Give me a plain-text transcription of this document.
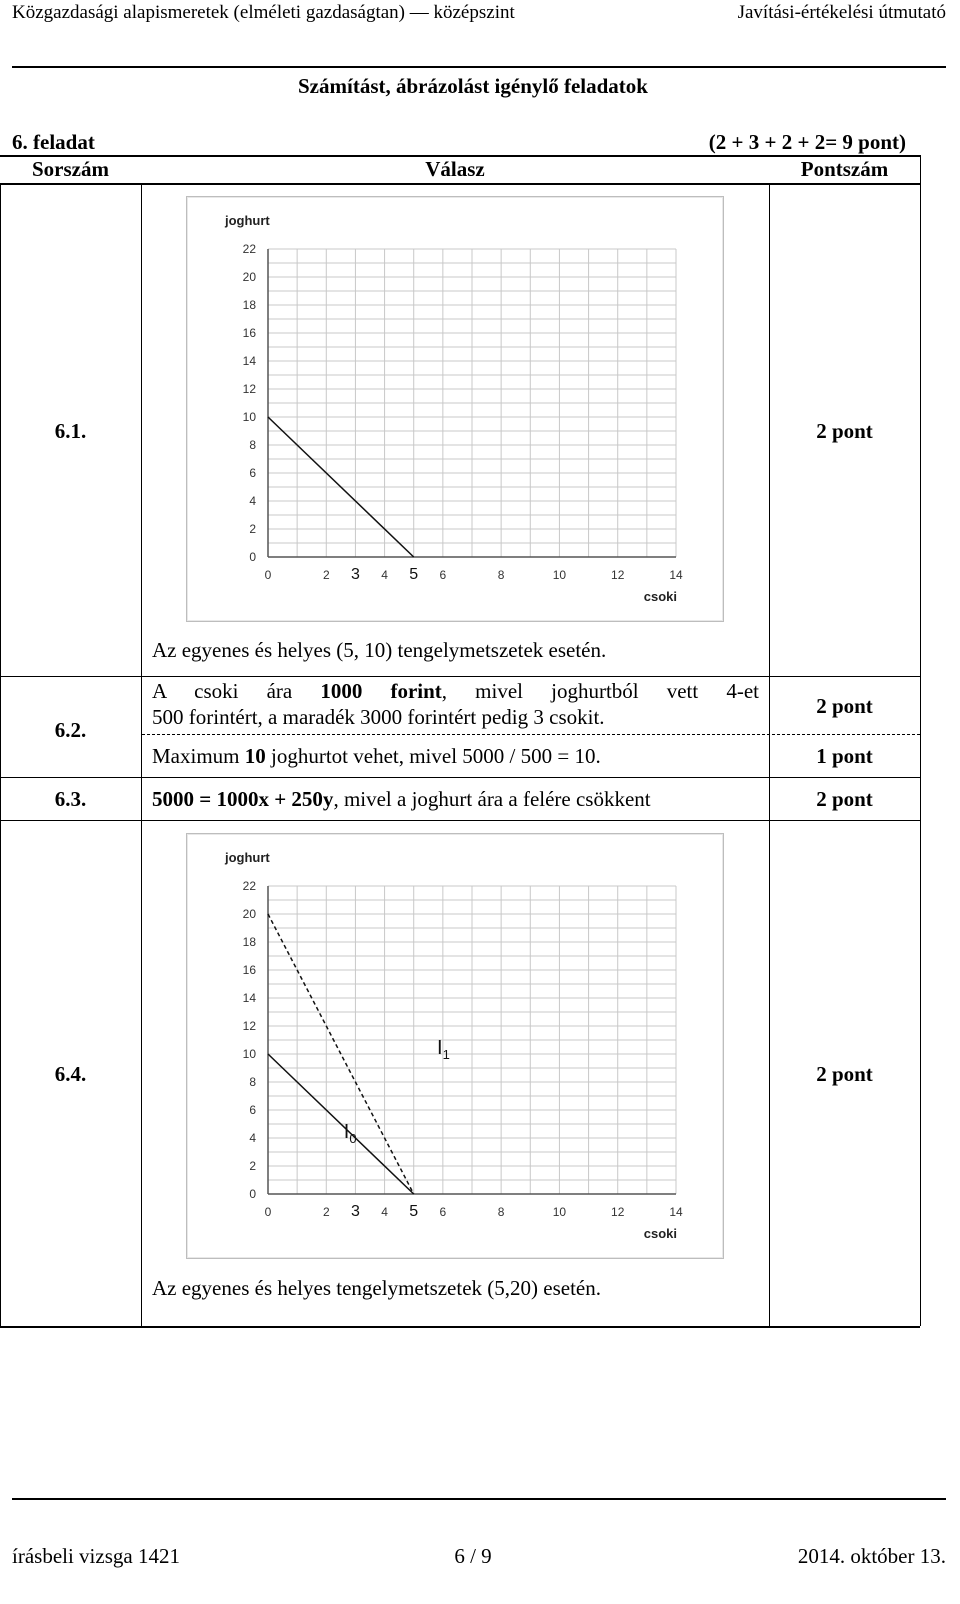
Közgazdasági alapismeretek (elméleti gazdaságtan) — középszint	Javítási-értékelési útmutató
Számítást, ábrázolást igénylő feladatok
6. feladat	(2 + 3 + 2 + 2= 9 pont)
Sorszám	Válasz	Pontszám
6.1.	2 pont
0
2
4
6
8
10
12
14
16
18
20
22
0	2	4	6	8	10	12	14
3	5
joghurt
csoki
Az egyenes és helyes (5, 10) tengelymetszetek esetén.
6.2.
A csoki ára 1000 forint, mivel joghurtból vett 4-et
500 forintért, a maradék 3000 forintért pedig 3 csokit.	2 pont
Maximum 10 joghurtot vehet, mivel 5000 / 500 = 10.	1 pont
6.3.	5000 = 1000x + 250y, mivel a joghurt ára a felére csökkent	2 pont
6.4.	2 pont
0
2
4
6
8
10
12
14
16
18
20
22
0	2	4	6	8	10	12	14
3	5
joghurt
csoki
$I_0$
$I_1$
Az egyenes és helyes tengelymetszetek (5,20) esetén.
írásbeli vizsga 1421	6 / 9	2014. október 13.
